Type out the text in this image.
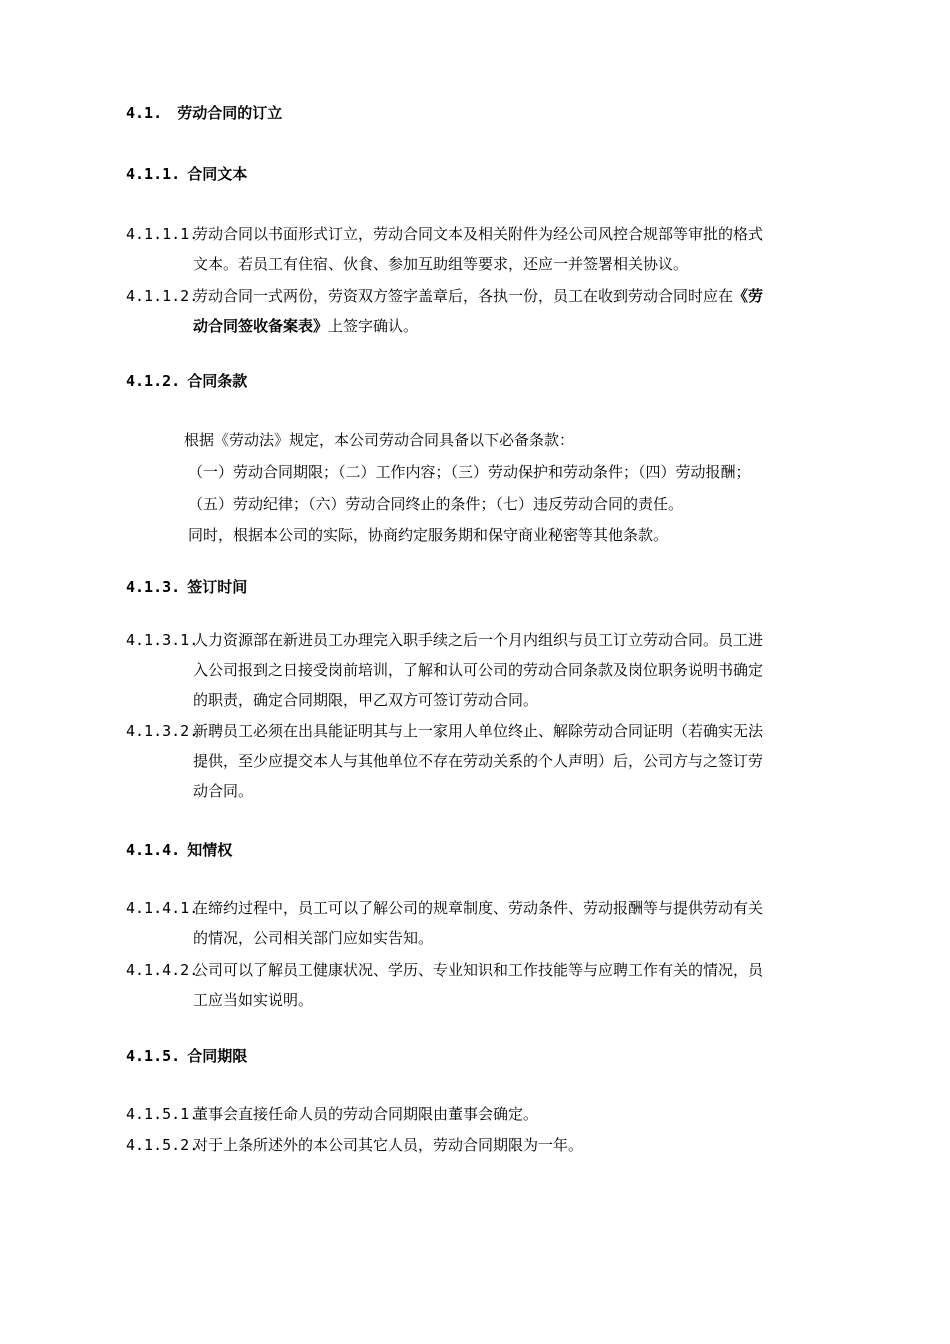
4.1. 劳动合同的订立
4.1.1. 合同文本
4.1.1.1.
劳动合同以书面形式订立，劳动合同文本及相关附件为经公司风控合规部等审批的格式
文本。若员工有住宿、伙食、参加互助组等要求，还应一并签署相关协议。
4.1.1.2.
劳动合同一式两份，劳资双方签字盖章后，各执一份，员工在收到劳动合同时应在《劳
动合同签收备案表》上签字确认。
4.1.2. 合同条款
根据《劳动法》规定，本公司劳动合同具备以下必备条款：
（一）劳动合同期限；（二）工作内容；（三）劳动保护和劳动条件；（四）劳动报酬；
（五）劳动纪律；（六）劳动合同终止的条件；（七）违反劳动合同的责任。
同时，根据本公司的实际，协商约定服务期和保守商业秘密等其他条款。
4.1.3. 签订时间
4.1.3.1.
人力资源部在新进员工办理完入职手续之后一个月内组织与员工订立劳动合同。员工进
入公司报到之日接受岗前培训，了解和认可公司的劳动合同条款及岗位职务说明书确定
的职责，确定合同期限，甲乙双方可签订劳动合同。
4.1.3.2.
新聘员工必须在出具能证明其与上一家用人单位终止、解除劳动合同证明（若确实无法
提供，至少应提交本人与其他单位不存在劳动关系的个人声明）后，公司方与之签订劳
动合同。
4.1.4. 知情权
4.1.4.1.
在缔约过程中，员工可以了解公司的规章制度、劳动条件、劳动报酬等与提供劳动有关
的情况，公司相关部门应如实告知。
4.1.4.2.
公司可以了解员工健康状况、学历、专业知识和工作技能等与应聘工作有关的情况，员
工应当如实说明。
4.1.5. 合同期限
4.1.5.1.
董事会直接任命人员的劳动合同期限由董事会确定。
4.1.5.2.
对于上条所述外的本公司其它人员，劳动合同期限为一年。
